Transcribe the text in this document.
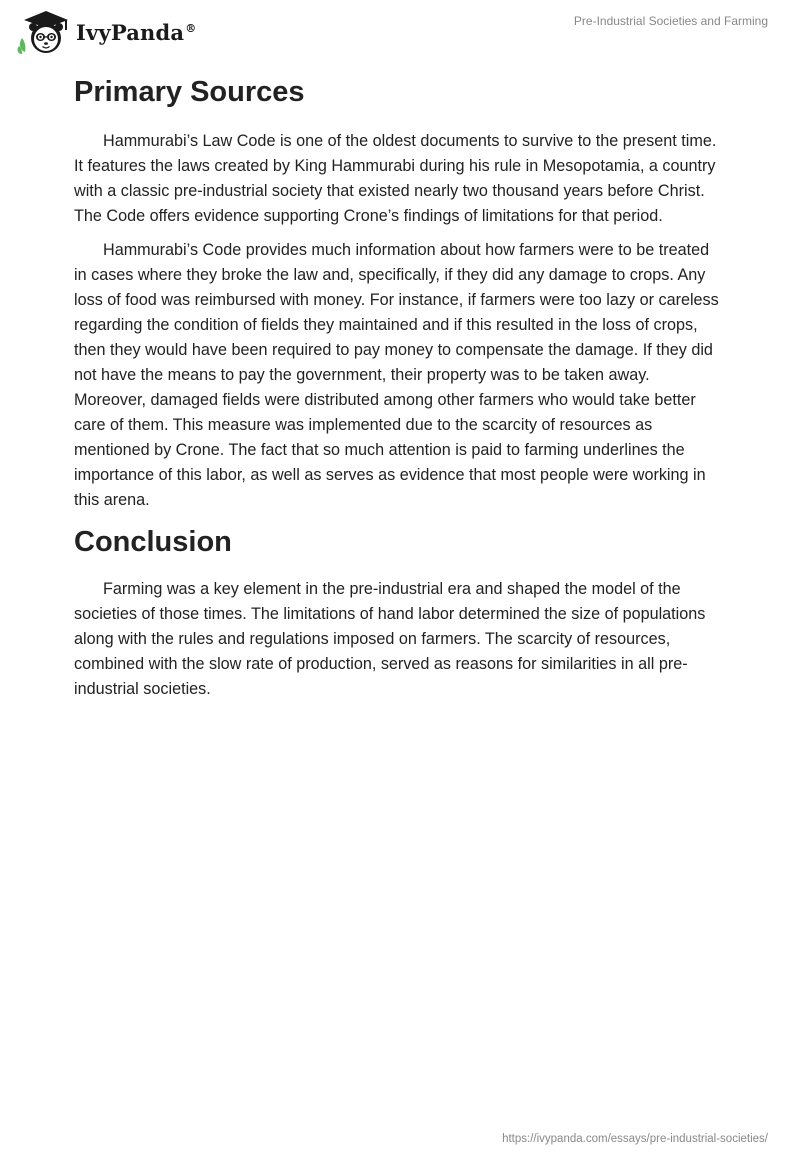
IvyPanda®	Pre-Industrial Societies and Farming
Primary Sources

Hammurabi’s Law Code is one of the oldest documents to survive to the present time. It features the laws created by King Hammurabi during his rule in Mesopotamia, a country with a classic pre-industrial society that existed nearly two thousand years before Christ. The Code offers evidence supporting Crone’s findings of limitations for that period.

Hammurabi’s Code provides much information about how farmers were to be treated in cases where they broke the law and, specifically, if they did any damage to crops. Any loss of food was reimbursed with money. For instance, if farmers were too lazy or careless regarding the condition of fields they maintained and if this resulted in the loss of crops, then they would have been required to pay money to compensate the damage. If they did not have the means to pay the government, their property was to be taken away. Moreover, damaged fields were distributed among other farmers who would take better care of them. This measure was implemented due to the scarcity of resources as mentioned by Crone. The fact that so much attention is paid to farming underlines the importance of this labor, as well as serves as evidence that most people were working in this arena.

Conclusion

Farming was a key element in the pre-industrial era and shaped the model of the societies of those times. The limitations of hand labor determined the size of populations along with the rules and regulations imposed on farmers. The scarcity of resources, combined with the slow rate of production, served as reasons for similarities in all pre-industrial societies.

https://ivypanda.com/essays/pre-industrial-societies/
